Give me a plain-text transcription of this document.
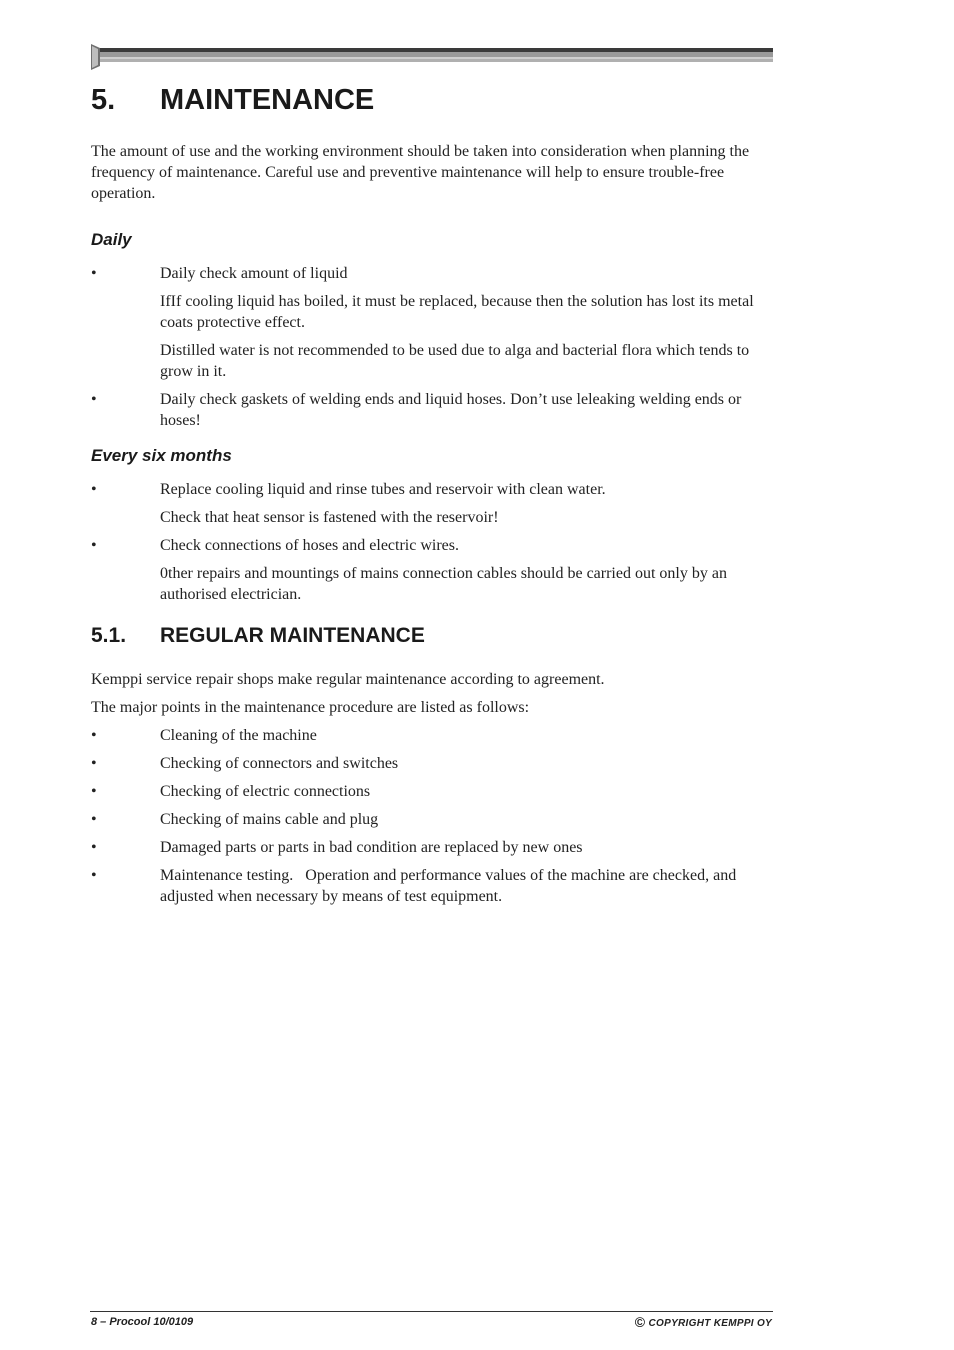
5. MAINTENANCE

The amount of use and the working environment should be taken into consideration when planning the frequency of maintenance. Careful use and preventive maintenance will help to ensure trouble-free operation.

Daily
•	Daily check amount of liquid
IfIf cooling liquid has boiled, it must be replaced, because then the solution has lost its metal coats protective effect.
Distilled water is not recommended to be used due to alga and bacterial flora which tends to grow in it.
•	Daily check gaskets of welding ends and liquid hoses. Don’t use leleaking welding ends or hoses!
Every six months
•	Replace cooling liquid and rinse tubes and reservoir with clean water.
Check that heat sensor is fastened with the reservoir!
•	Check connections of hoses and electric wires.
0ther repairs and mountings of mains connection cables should be carried out only by an authorised electrician.
5.1. REGULAR MAINTENANCE

Kemppi service repair shops make regular maintenance according to agreement.

The major points in the maintenance procedure are listed as follows:

•	Cleaning of the machine
•	Checking of connectors and switches
•	Checking of electric connections
•	Checking of mains cable and plug
•	Damaged parts or parts in bad condition are replaced by new ones
•	Maintenance testing.   Operation and performance values of the machine are checked, and adjusted when necessary by means of test equipment.
8 – Procool 10/0109	© COPYRIGHT KEMPPI OY
